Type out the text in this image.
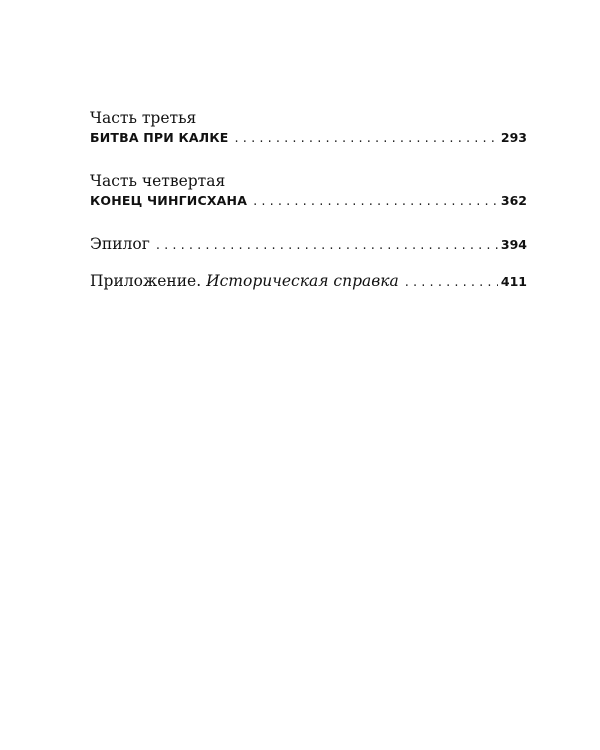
Часть третья

БИТВА ПРИ КАЛКЕ . . .	293

Часть четвертая

КОНЕЦ ЧИНГИСХАНА . . .	362
Эпилог . . .	394
Приложение. Историческая справка . . .	411
